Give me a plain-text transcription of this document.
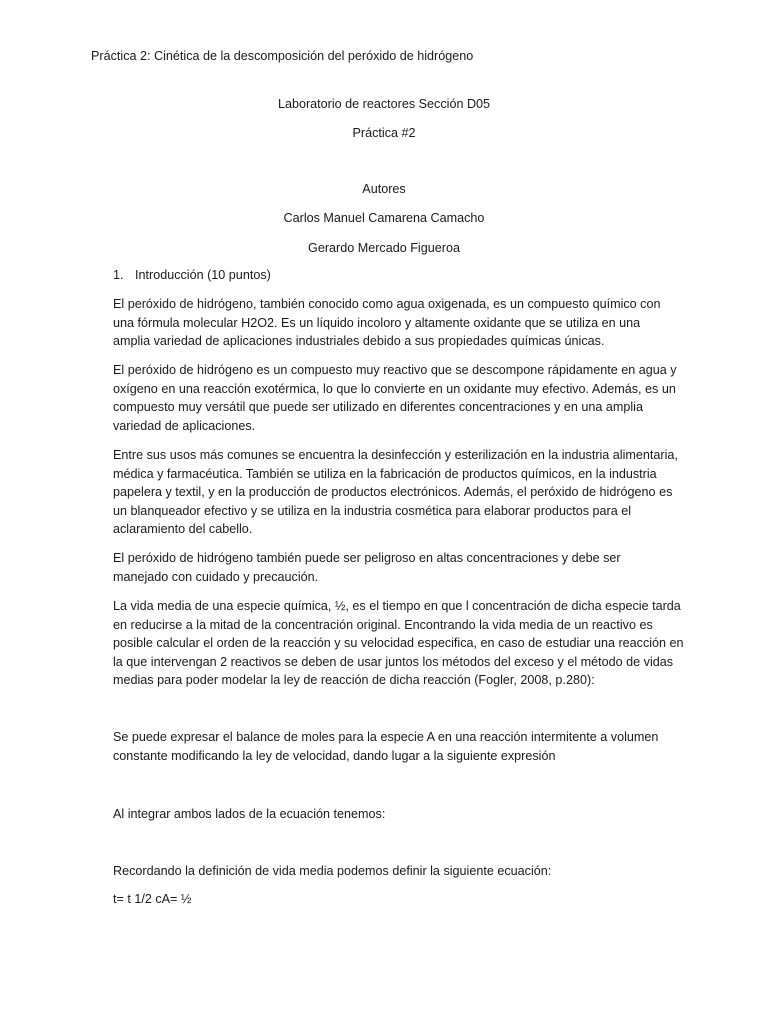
Práctica 2: Cinética de la descomposición del peróxido de hidrógeno
Laboratorio de reactores Sección D05
Práctica #2
Autores
Carlos Manuel Camarena Camacho
Gerardo Mercado Figueroa
1. Introducción (10 puntos)
El peróxido de hidrógeno, también conocido como agua oxigenada, es un compuesto químico con
una fórmula molecular H2O2. Es un líquido incoloro y altamente oxidante que se utiliza en una
amplia variedad de aplicaciones industriales debido a sus propiedades químicas únicas.
El peróxido de hidrógeno es un compuesto muy reactivo que se descompone rápidamente en agua y
oxígeno en una reacción exotérmica, lo que lo convierte en un oxidante muy efectivo. Además, es un
compuesto muy versátil que puede ser utilizado en diferentes concentraciones y en una amplia
variedad de aplicaciones.
Entre sus usos más comunes se encuentra la desinfección y esterilización en la industria alimentaria,
médica y farmacéutica. También se utiliza en la fabricación de productos químicos, en la industria
papelera y textil, y en la producción de productos electrónicos. Además, el peróxido de hidrógeno es
un blanqueador efectivo y se utiliza en la industria cosmética para elaborar productos para el
aclaramiento del cabello.
El peróxido de hidrógeno también puede ser peligroso en altas concentraciones y debe ser
manejado con cuidado y precaución.
La vida media de una especie química, ½, es el tiempo en que l concentración de dicha especie tarda
en reducirse a la mitad de la concentración original. Encontrando la vida media de un reactivo es
posible calcular el orden de la reacción y su velocidad especifica, en caso de estudiar una reacción en
la que intervengan 2 reactivos se deben de usar juntos los métodos del exceso y el método de vidas
medias para poder modelar la ley de reacción de dicha reacción (Fogler, 2008, p.280):
Se puede expresar el balance de moles para la especie A en una reacción intermitente a volumen
constante modificando la ley de velocidad, dando lugar a la siguiente expresión
Al integrar ambos lados de la ecuación tenemos:
Recordando la definición de vida media podemos definir la siguiente ecuación:
t= t 1/2 cA= ½
